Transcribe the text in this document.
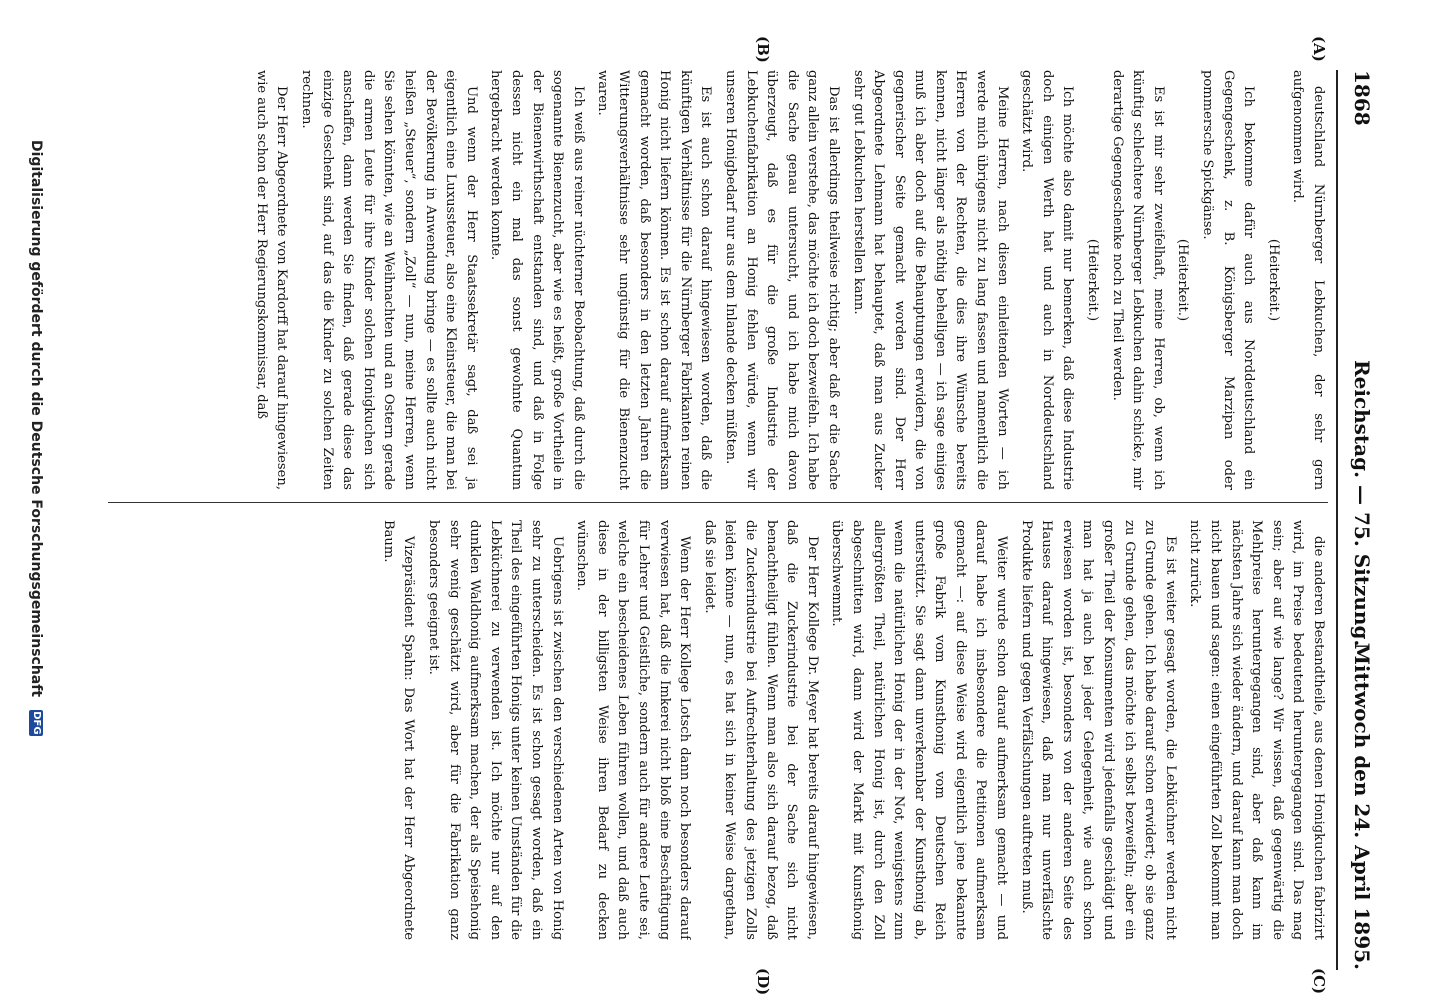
1868
Reichstag. — 75. Sitzung.
Mittwoch den 24. April 1895.
(A)
(B)
(C)
(D)

deutschland Nürnberger Lebkuchen, der sehr gern aufgenommen wird.

(Heiterkeit.)

Ich bekomme dafür auch aus Norddeutschland ein Gegengeschenk, z. B. Königsberger Marzipan oder pommersche Spickgänse.

(Heiterkeit.)

Es ist mir sehr zweifelhaft, meine Herren, ob, wenn ich künftig schlechtere Nürnberger Lebkuchen dahin schicke, mir derartige Gegengeschenke noch zu Theil werden.

(Heiterkeit.)

Ich möchte also damit nur bemerken, daß diese Industrie doch einigen Werth hat und auch in Norddeutschland geschätzt wird.

Meine Herren, nach diesen einleitenden Worten — ich werde mich übrigens nicht zu lang fassen und namentlich die Herren von der Rechten, die dies ihre Wünsche bereits kennen, nicht länger als nöthig behelligen — ich sage einiges muß ich aber doch auf die Behauptungen erwidern, die von gegnerischer Seite gemacht worden sind. Der Herr Abgeordnete Lehmann hat behauptet, daß man aus Zucker sehr gut Lebkuchen herstellen kann.

Das ist allerdings theilweise richtig; aber daß er die Sache ganz allein verstehe, das möchte ich doch bezweifeln. Ich habe die Sache genau untersucht, und ich habe mich davon überzeugt, daß es für die große Industrie der Lebkuchenfabrikation an Honig fehlen würde, wenn wir unseren Honigbedarf nur aus dem Inlande decken müßten.

Es ist auch schon darauf hingewiesen worden, daß die künftigen Verhältnisse für die Nürnberger Fabrikanten reinen Honig nicht liefern können. Es ist schon darauf aufmerksam gemacht worden, daß besonders in den letzten Jahren die Witterungsverhältnisse sehr ungünstig für die Bienenzucht waren.

Ich weiß aus reiner nüchterner Beobachtung, daß durch die sogenannte Bienenzucht, aber wie es heißt, große Vortheile in der Bienenwirthschaft entstanden sind, und daß in Folge dessen nicht ein mal das sonst gewohnte Quantum hergebracht werden konnte.

Und wenn der Herr Staatssekretär sagt, daß sei ja eigentlich eine Luxussteuer, also eine Kleinsteuer, die man bei der Bevölkerung in Anwendung bringe — es sollte auch nicht heißen „Steuer“, sondern „Zoll“ — nun, meine Herren, wenn Sie sehen könnten, wie an Weihnachten und an Ostern gerade die armen Leute für ihre Kinder solchen Honigkuchen sich anschaffen, dann werden Sie finden, daß gerade diese das einzige Geschenk sind, auf das die Kinder zu solchen Zeiten rechnen.

Der Herr Abgeordnete von Kardorff hat darauf hingewiesen, wie auch schon der Herr Regierungskommissar, daß

die anderen Bestandtheile, aus denen Honigkuchen fabrizirt wird, im Preise bedeutend heruntergegangen sind. Das mag sein; aber auf wie lange? Wir wissen, daß gegenwärtig die Mehlpreise heruntergegangen sind, aber daß kann im nächsten Jahre sich wieder ändern, und darauf kann man doch nicht bauen und sagen: einen eingeführten Zoll bekommt man nicht zurück.

Es ist weiter gesagt worden, die Lebküchner werden nicht zu Grunde gehen. Ich habe darauf schon erwidert; ob sie ganz zu Grunde gehen, das möchte ich selbst bezweifeln; aber ein großer Theil der Konsumenten wird jedenfalls geschädigt und man hat ja auch bei jeder Gelegenheit, wie auch schon erwiesen worden ist, besonders von der anderen Seite des Hauses darauf hingewiesen, daß man nur unverfälschte Produkte liefern und gegen Verfälschungen auftreten muß.

Weiter wurde schon darauf aufmerksam gemacht — und darauf habe ich insbesondere die Petitionen aufmerksam gemacht —: auf diese Weise wird eigentlich jene bekannte große Fabrik vom Kunsthonig vom Deutschen Reich unterstützt. Sie sagt dann unverkennbar der Kunsthonig ab, wenn die natürlichen Honig der in der Not, wenigstens zum allergrößten Theil, natürlichen Honig ist, durch den Zoll abgeschnitten wird, dann wird der Markt mit Kunsthonig überschwemmt.

Der Herr Kollege Dr. Meyer hat bereits darauf hingewiesen, daß die Zuckerindustrie bei der Sache sich nicht benachtheiligt fühlen. Wenn man also sich darauf bezog, daß die Zuckerindustrie bei Aufrechterhaltung des jetzigen Zolls leiden könne — nun, es hat sich in keiner Weise dargethan, daß sie leidet.

Wenn der Herr Kollege Lotsch dann noch besonders darauf verwiesen hat, daß die Imkerei nicht bloß eine Beschäftigung für Lehrer und Geistliche, sondern auch für andere Leute sei, welche ein bescheidenes Leben führen wollen, und daß auch diese in der billigsten Weise ihren Bedarf zu decken wünschen.

Uebrigens ist zwischen den verschiedenen Arten von Honig sehr zu unterscheiden. Es ist schon gesagt worden, daß ein Theil des eingeführten Honigs unter keinen Umständen für die Lebküchnerei zu verwenden ist. Ich möchte nur auf den dunklen Waldhonig aufmerksam machen, der als Speisehonig sehr wenig geschätzt wird, aber für die Fabrikation ganz besonders geeignet ist.

Vizepräsident Spahn: Das Wort hat der Herr Abgeordnete Baum.

Digitalisierung gefördert durch die Deutsche Forschungsgemeinschaft DFG
